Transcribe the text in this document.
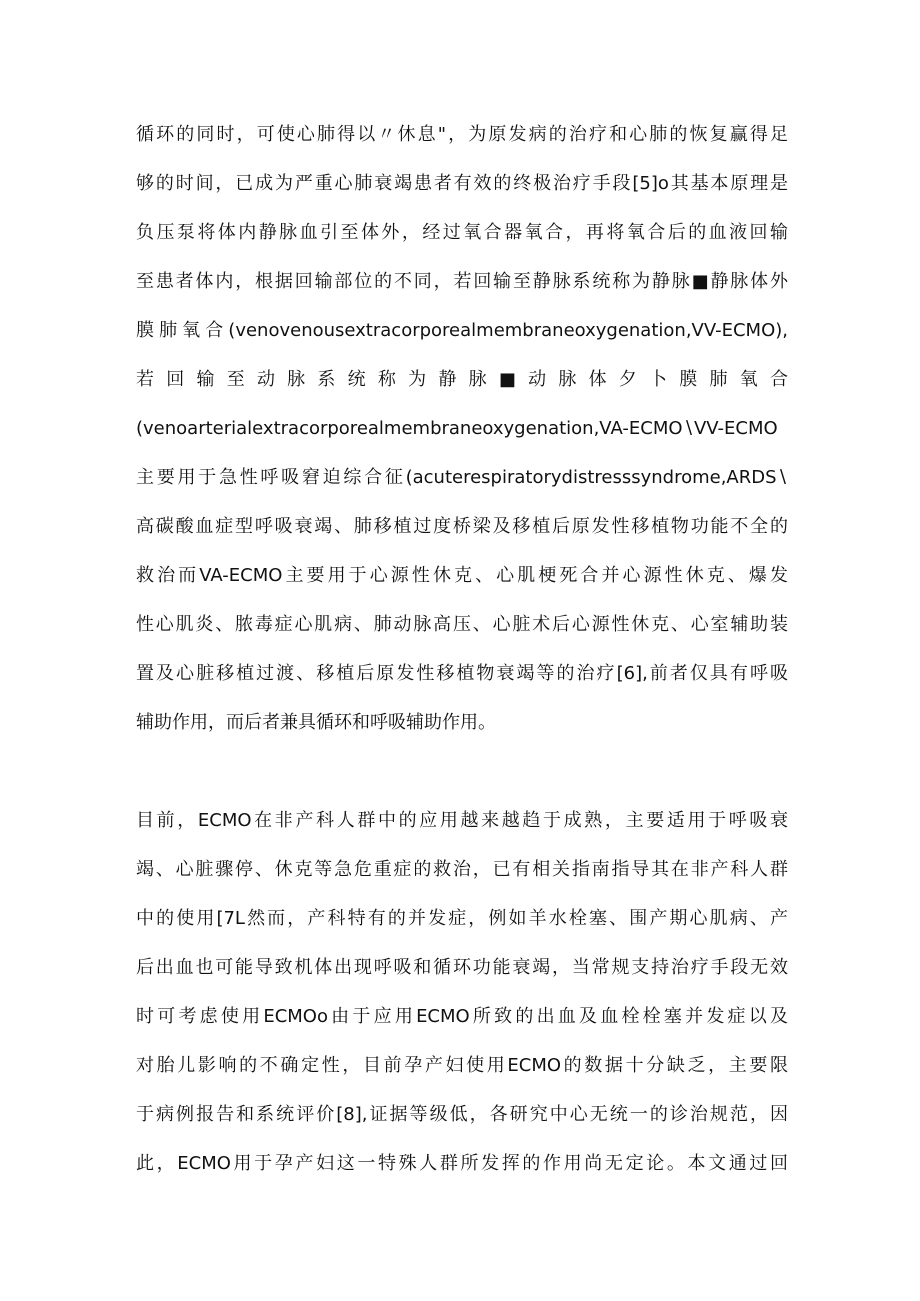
循环的同时，可使心肺得以〃休息"，为原发病的治疗和心肺的恢复赢得足
够的时间，已成为严重心肺衰竭患者有效的终极治疗手段[5]o其基本原理是
负压泵将体内静脉血引至体外，经过氧合器氧合，再将氧合后的血液回输
至患者体内，根据回输部位的不同，若回输至静脉系统称为静脉■静脉体外
膜肺氧合(venovenousextracorporealmembraneoxygenation,VV-ECMO),
若回输至动脉系统称为静脉■动脉体夕卜膜肺氧合
(venoarterialextracorporealmembraneoxygenation,VA-ECMO∖VV-ECMO
主要用于急性呼吸窘迫综合征(acuterespiratorydistresssyndrome,ARDS∖
高碳酸血症型呼吸衰竭、肺移植过度桥梁及移植后原发性移植物功能不全的
救治而VA-ECMO主要用于心源性休克、心肌梗死合并心源性休克、爆发
性心肌炎、脓毒症心肌病、肺动脉高压、心脏术后心源性休克、心室辅助装
置及心脏移植过渡、移植后原发性移植物衰竭等的治疗[6],前者仅具有呼吸
辅助作用，而后者兼具循环和呼吸辅助作用。
目前，ECMO在非产科人群中的应用越来越趋于成熟，主要适用于呼吸衰
竭、心脏骤停、休克等急危重症的救治，已有相关指南指导其在非产科人群
中的使用[7L然而，产科特有的并发症，例如羊水栓塞、围产期心肌病、产
后出血也可能导致机体出现呼吸和循环功能衰竭，当常规支持治疗手段无效
时可考虑使用ECMOo由于应用ECMO所致的出血及血栓栓塞并发症以及
对胎儿影响的不确定性，目前孕产妇使用ECMO的数据十分缺乏，主要限
于病例报告和系统评价[8],证据等级低，各研究中心无统一的诊治规范，因
此，ECMO用于孕产妇这一特殊人群所发挥的作用尚无定论。本文通过回
